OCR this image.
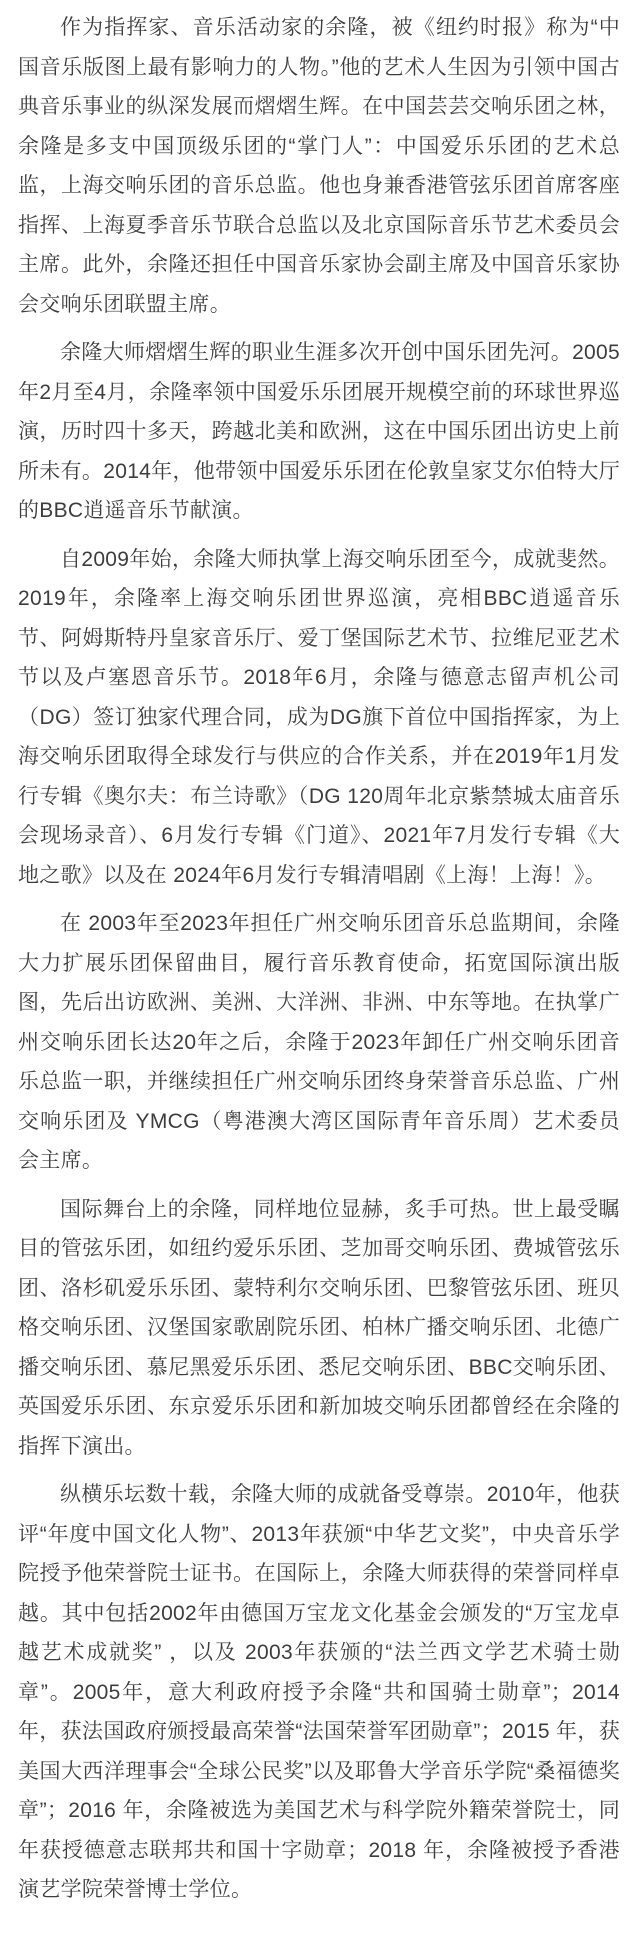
作为指挥家、音乐活动家的余隆，被《纽约时报》称为“中国音乐版图上最有影响力的人物。”他的艺术人生因为引领中国古典音乐事业的纵深发展而熠熠生辉。在中国芸芸交响乐团之林，余隆是多支中国顶级乐团的“掌门人”：中国爱乐乐团的艺术总监，上海交响乐团的音乐总监。他也身兼香港管弦乐团首席客座指挥、上海夏季音乐节联合总监以及北京国际音乐节艺术委员会主席。此外，余隆还担任中国音乐家协会副主席及中国音乐家协会交响乐团联盟主席。

余隆大师熠熠生辉的职业生涯多次开创中国乐团先河。2005年2月至4月，余隆率领中国爱乐乐团展开规模空前的环球世界巡演，历时四十多天，跨越北美和欧洲，这在中国乐团出访史上前所未有。2014年，他带领中国爱乐乐团在伦敦皇家艾尔伯特大厅的BBC逍遥音乐节献演。

自2009年始，余隆大师执掌上海交响乐团至今，成就斐然。2019年，余隆率上海交响乐团世界巡演，亮相BBC逍遥音乐节、阿姆斯特丹皇家音乐厅、爱丁堡国际艺术节、拉维尼亚艺术节以及卢塞恩音乐节。2018年6月，余隆与德意志留声机公司（DG）签订独家代理合同，成为DG旗下首位中国指挥家，为上海交响乐团取得全球发行与供应的合作关系，并在2019年1月发行专辑《奥尔夫：布兰诗歌》（DG 120周年北京紫禁城太庙音乐会现场录音）、6月发行专辑《门道》、2021年7月发行专辑《大地之歌》以及在 2024年6月发行专辑清唱剧《上海！上海！》。

在 2003年至2023年担任广州交响乐团音乐总监期间，余隆大力扩展乐团保留曲目，履行音乐教育使命，拓宽国际演出版图，先后出访欧洲、美洲、大洋洲、非洲、中东等地。在执掌广州交响乐团长达20年之后，余隆于2023年卸任广州交响乐团音乐总监一职，并继续担任广州交响乐团终身荣誉音乐总监、广州交响乐团及 YMCG（粤港澳大湾区国际青年音乐周）艺术委员会主席。

国际舞台上的余隆，同样地位显赫，炙手可热。世上最受瞩目的管弦乐团，如纽约爱乐乐团、芝加哥交响乐团、费城管弦乐团、洛杉矶爱乐乐团、蒙特利尔交响乐团、巴黎管弦乐团、班贝格交响乐团、汉堡国家歌剧院乐团、柏林广播交响乐团、北德广播交响乐团、慕尼黑爱乐乐团、悉尼交响乐团、BBC交响乐团、英国爱乐乐团、东京爱乐乐团和新加坡交响乐团都曾经在余隆的指挥下演出。

纵横乐坛数十载，余隆大师的成就备受尊崇。2010年，他获评“年度中国文化人物”、2013年获颁“中华艺文奖”，中央音乐学院授予他荣誉院士证书。在国际上，余隆大师获得的荣誉同样卓越。其中包括2002年由德国万宝龙文化基金会颁发的“万宝龙卓越艺术成就奖” ，以及 2003年获颁的“法兰西文学艺术骑士勋章”。2005年，意大利政府授予余隆“共和国骑士勋章”；2014年，获法国政府颁授最高荣誉“法国荣誉军团勋章”；2015 年，获美国大西洋理事会“全球公民奖”以及耶鲁大学音乐学院“桑福德奖章”；2016 年，余隆被选为美国艺术与科学院外籍荣誉院士，同年获授德意志联邦共和国十字勋章；2018 年，余隆被授予香港演艺学院荣誉博士学位。
